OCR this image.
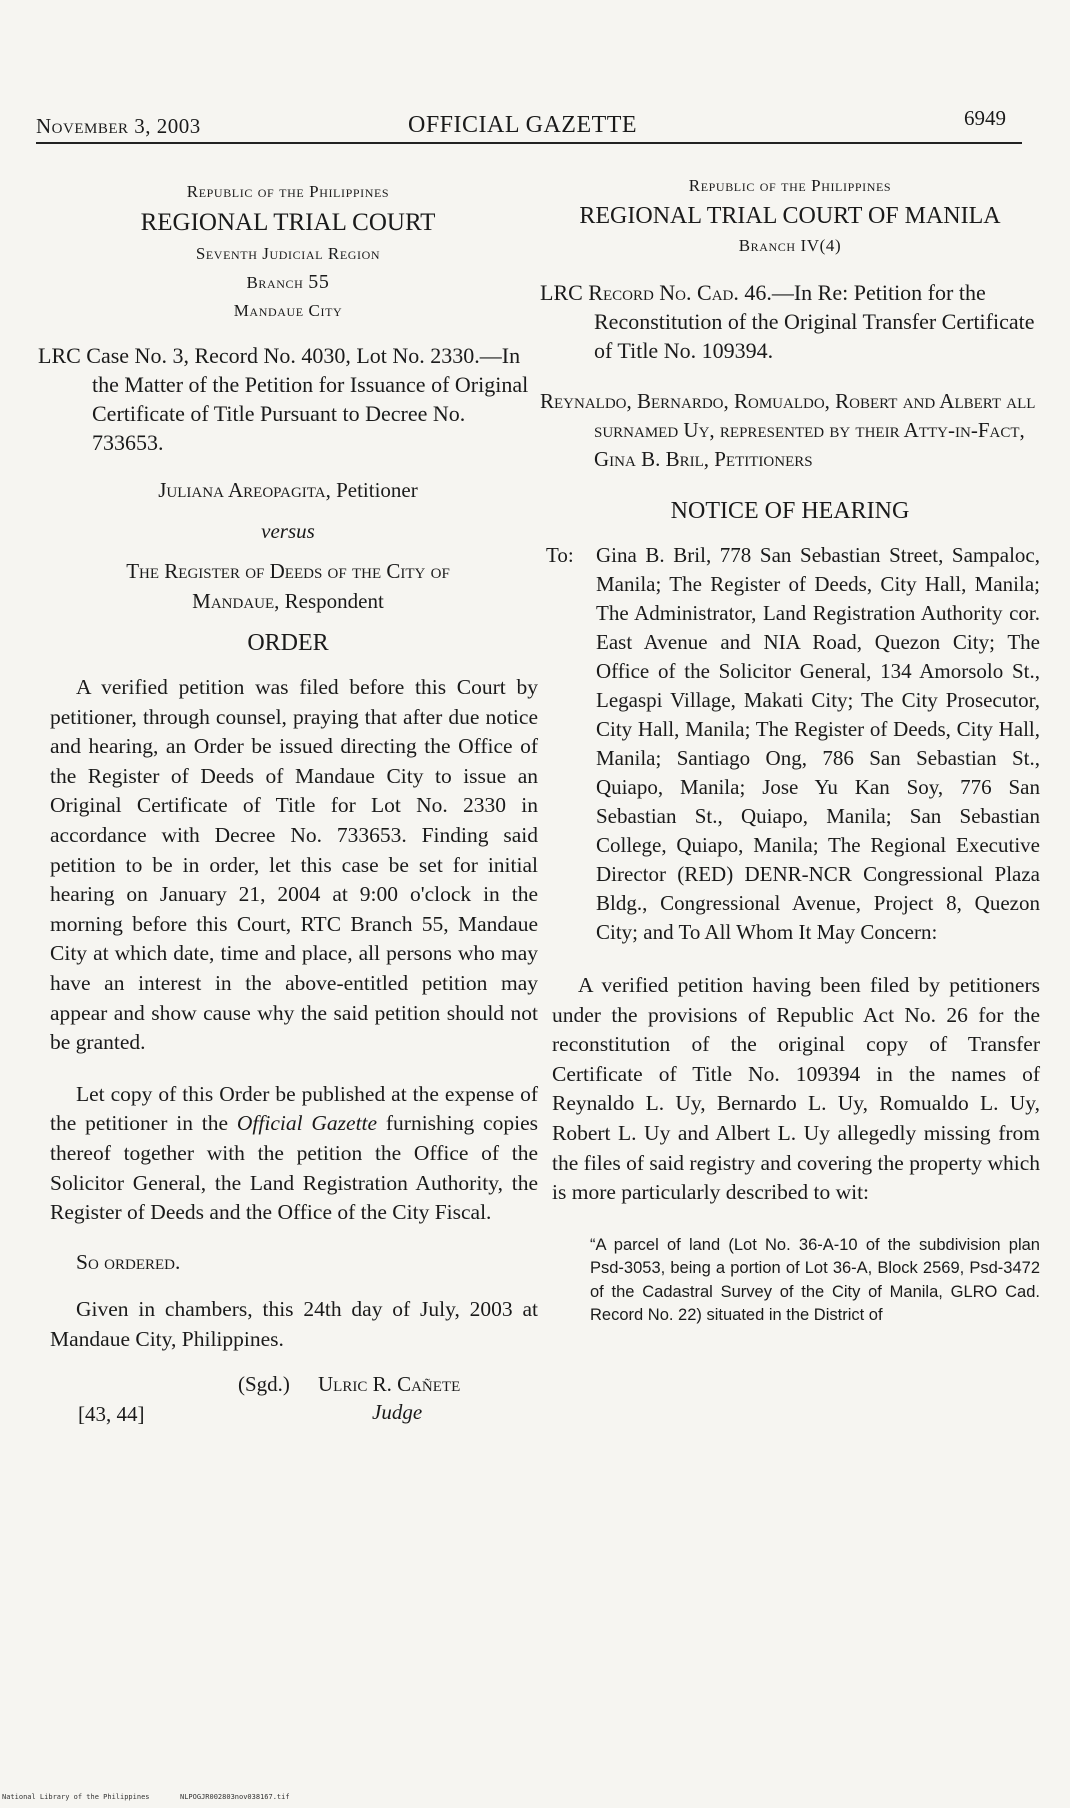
November 3, 2003	OFFICIAL GAZETTE	6949
Republic of the Philippines
REGIONAL TRIAL COURT
Seventh Judicial Region
Branch 55
Mandaue City

LRC Case No. 3, Record No. 4030, Lot No. 2330.—In the Matter of the Petition for Issuance of Original Certificate of Title Pursuant to Decree No. 733653.

Juliana Areopagita, Petitioner

versus

The Register of Deeds of the City of

Mandaue, Respondent

ORDER

A verified petition was filed before this Court by petitioner, through counsel, praying that after due notice and hearing, an Order be issued directing the Office of the Register of Deeds of Mandaue City to issue an Original Certificate of Title for Lot No. 2330 in accordance with Decree No. 733653. Finding said petition to be in order, let this case be set for initial hearing on January 21, 2004 at 9:00 o'clock in the morning before this Court, RTC Branch 55, Mandaue City at which date, time and place, all persons who may have an interest in the above-entitled petition may appear and show cause why the said petition should not be granted.

Let copy of this Order be published at the expense of the petitioner in the Official Gazette furnishing copies thereof together with the petition the Office of the Solicitor General, the Land Registration Authority, the Register of Deeds and the Office of the City Fiscal.

So ordered.

Given in chambers, this 24th day of July, 2003 at Mandaue City, Philippines.

(Sgd.) Ulric R. Cañete
[43, 44]	Judge
Republic of the Philippines
REGIONAL TRIAL COURT OF MANILA
Branch IV(4)

LRC Record No. Cad. 46.—In Re: Petition for the Reconstitution of the Original Transfer Certificate of Title No. 109394.

Reynaldo, Bernardo, Romualdo, Robert and Albert all surnamed Uy, represented by their Atty-in-Fact, Gina B. Bril, Petitioners

NOTICE OF HEARING

To: Gina B. Bril, 778 San Sebastian Street, Sampaloc, Manila; The Register of Deeds, City Hall, Manila; The Administrator, Land Registration Authority cor. East Avenue and NIA Road, Quezon City; The Office of the Solicitor General, 134 Amorsolo St., Legaspi Village, Makati City; The City Prosecutor, City Hall, Manila; The Register of Deeds, City Hall, Manila; Santiago Ong, 786 San Sebastian St., Quiapo, Manila; Jose Yu Kan Soy, 776 San Sebastian St., Quiapo, Manila; San Sebastian College, Quiapo, Manila; The Regional Executive Director (RED) DENR-NCR Congressional Plaza Bldg., Congressional Avenue, Project 8, Quezon City; and To All Whom It May Concern:

A verified petition having been filed by petitioners under the provisions of Republic Act No. 26 for the reconstitution of the original copy of Transfer Certificate of Title No. 109394 in the names of Reynaldo L. Uy, Bernardo L. Uy, Romualdo L. Uy, Robert L. Uy and Albert L. Uy allegedly missing from the files of said registry and covering the property which is more particularly described to wit:

“A parcel of land (Lot No. 36-A-10 of the subdivision plan Psd-3053, being a portion of Lot 36-A, Block 2569, Psd-3472 of the Cadastral Survey of the City of Manila, GLRO Cad. Record No. 22) situated in the District of

National Library of the Philippines	NLPOGJR002803nov038167.tif
